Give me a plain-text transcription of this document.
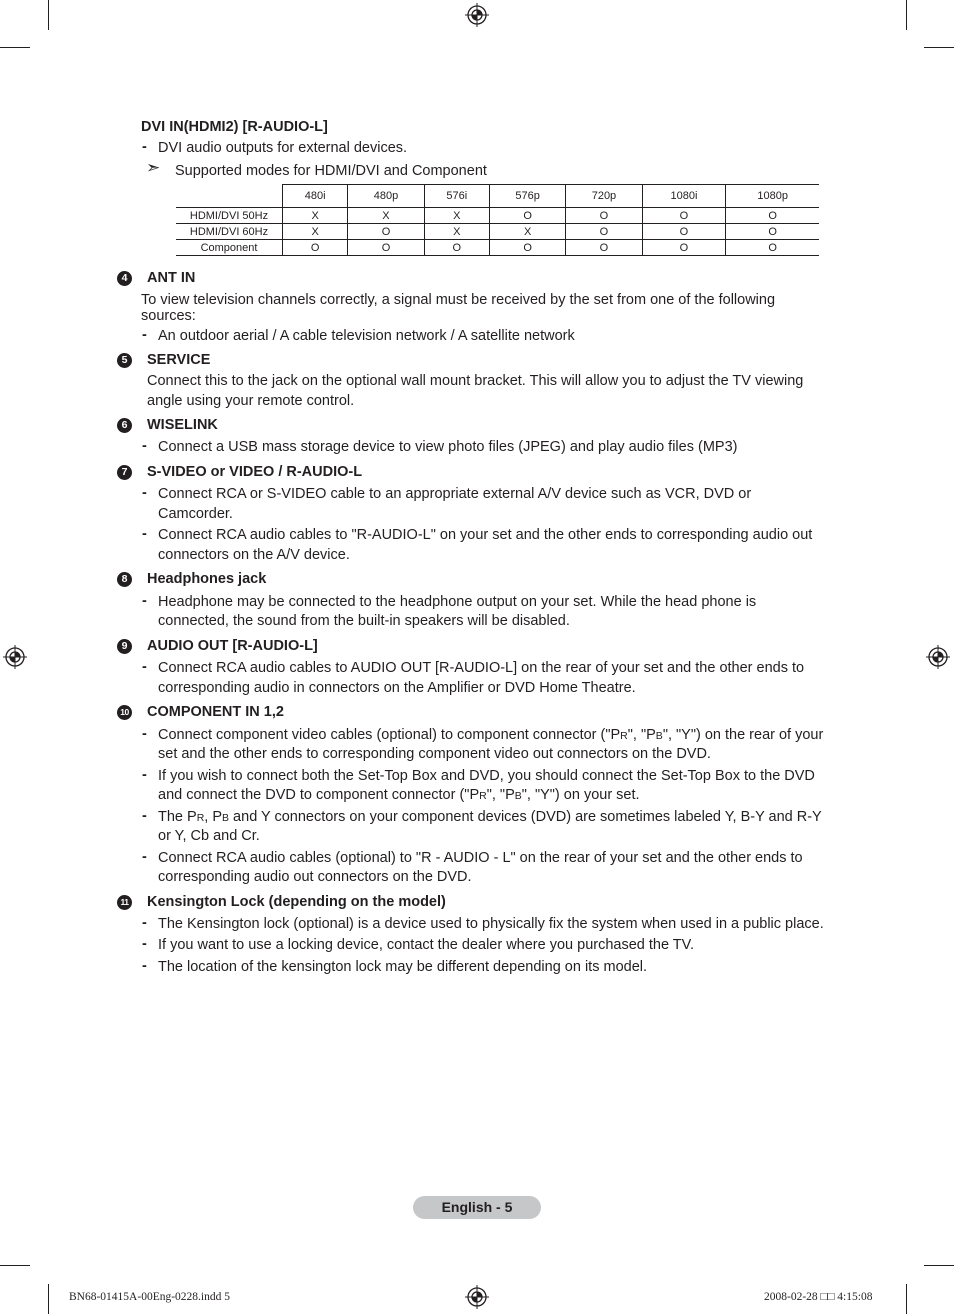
DVI IN(HDMI2) [R-AUDIO-L]
- DVI audio outputs for external devices.
➣ Supported modes for HDMI/DVI and Component
	480i	480p	576i	576p	720p	1080i	1080p
HDMI/DVI 50Hz	X	X	X	O	O	O	O
HDMI/DVI 60Hz	X	O	X	X	O	O	O
Component	O	O	O	O	O	O	O
4	ANT IN
To view television channels correctly, a signal must be received by the set from one of the following
sources:
- An outdoor aerial / A cable television network / A satellite network
5	SERVICE
Connect this to the jack on the optional wall mount bracket. This will allow you to adjust the TV viewing
angle using your remote control.
6	WISELINK
- Connect a USB mass storage device to view photo files (JPEG) and play audio files (MP3)
7	S-VIDEO or VIDEO / R-AUDIO-L
- Connect RCA or S-VIDEO cable to an appropriate external A/V device such as VCR, DVD or
Camcorder.
- Connect RCA audio cables to "R-AUDIO-L" on your set and the other ends to corresponding audio out
connectors on the A/V device.
8	Headphones jack
- Headphone may be connected to the headphone output on your set. While the head phone is
connected, the sound from the built-in speakers will be disabled.
9	AUDIO OUT [R-AUDIO-L]
- Connect RCA audio cables to AUDIO OUT [R-AUDIO-L] on the rear of your set and the other ends to
corresponding audio in connectors on the Amplifier or DVD Home Theatre.
10 COMPONENT IN 1,2
- Connect component video cables (optional) to component connector ("PR", "PB", "Y") on the rear of your
set and the other ends to corresponding component video out connectors on the DVD.
- If you wish to connect both the Set-Top Box and DVD, you should connect the Set-Top Box to the DVD
and connect the DVD to component connector ("PR", "PB", "Y") on your set.
- The PR, PB and Y connectors on your component devices (DVD) are sometimes labeled Y, B-Y and R-Y
or Y, Cb and Cr.
- Connect RCA audio cables (optional) to "R - AUDIO - L" on the rear of your set and the other ends to
corresponding audio out connectors on the DVD.
11 Kensington Lock (depending on the model)
- The Kensington lock (optional) is a device used to physically fix the system when used in a public place.
- If you want to use a locking device, contact the dealer where you purchased the TV.
- The location of the kensington lock may be different depending on its model.
English - 5
BN68-01415A-00Eng-0228.indd 5	2008-02-28 □□ 4:15:08
